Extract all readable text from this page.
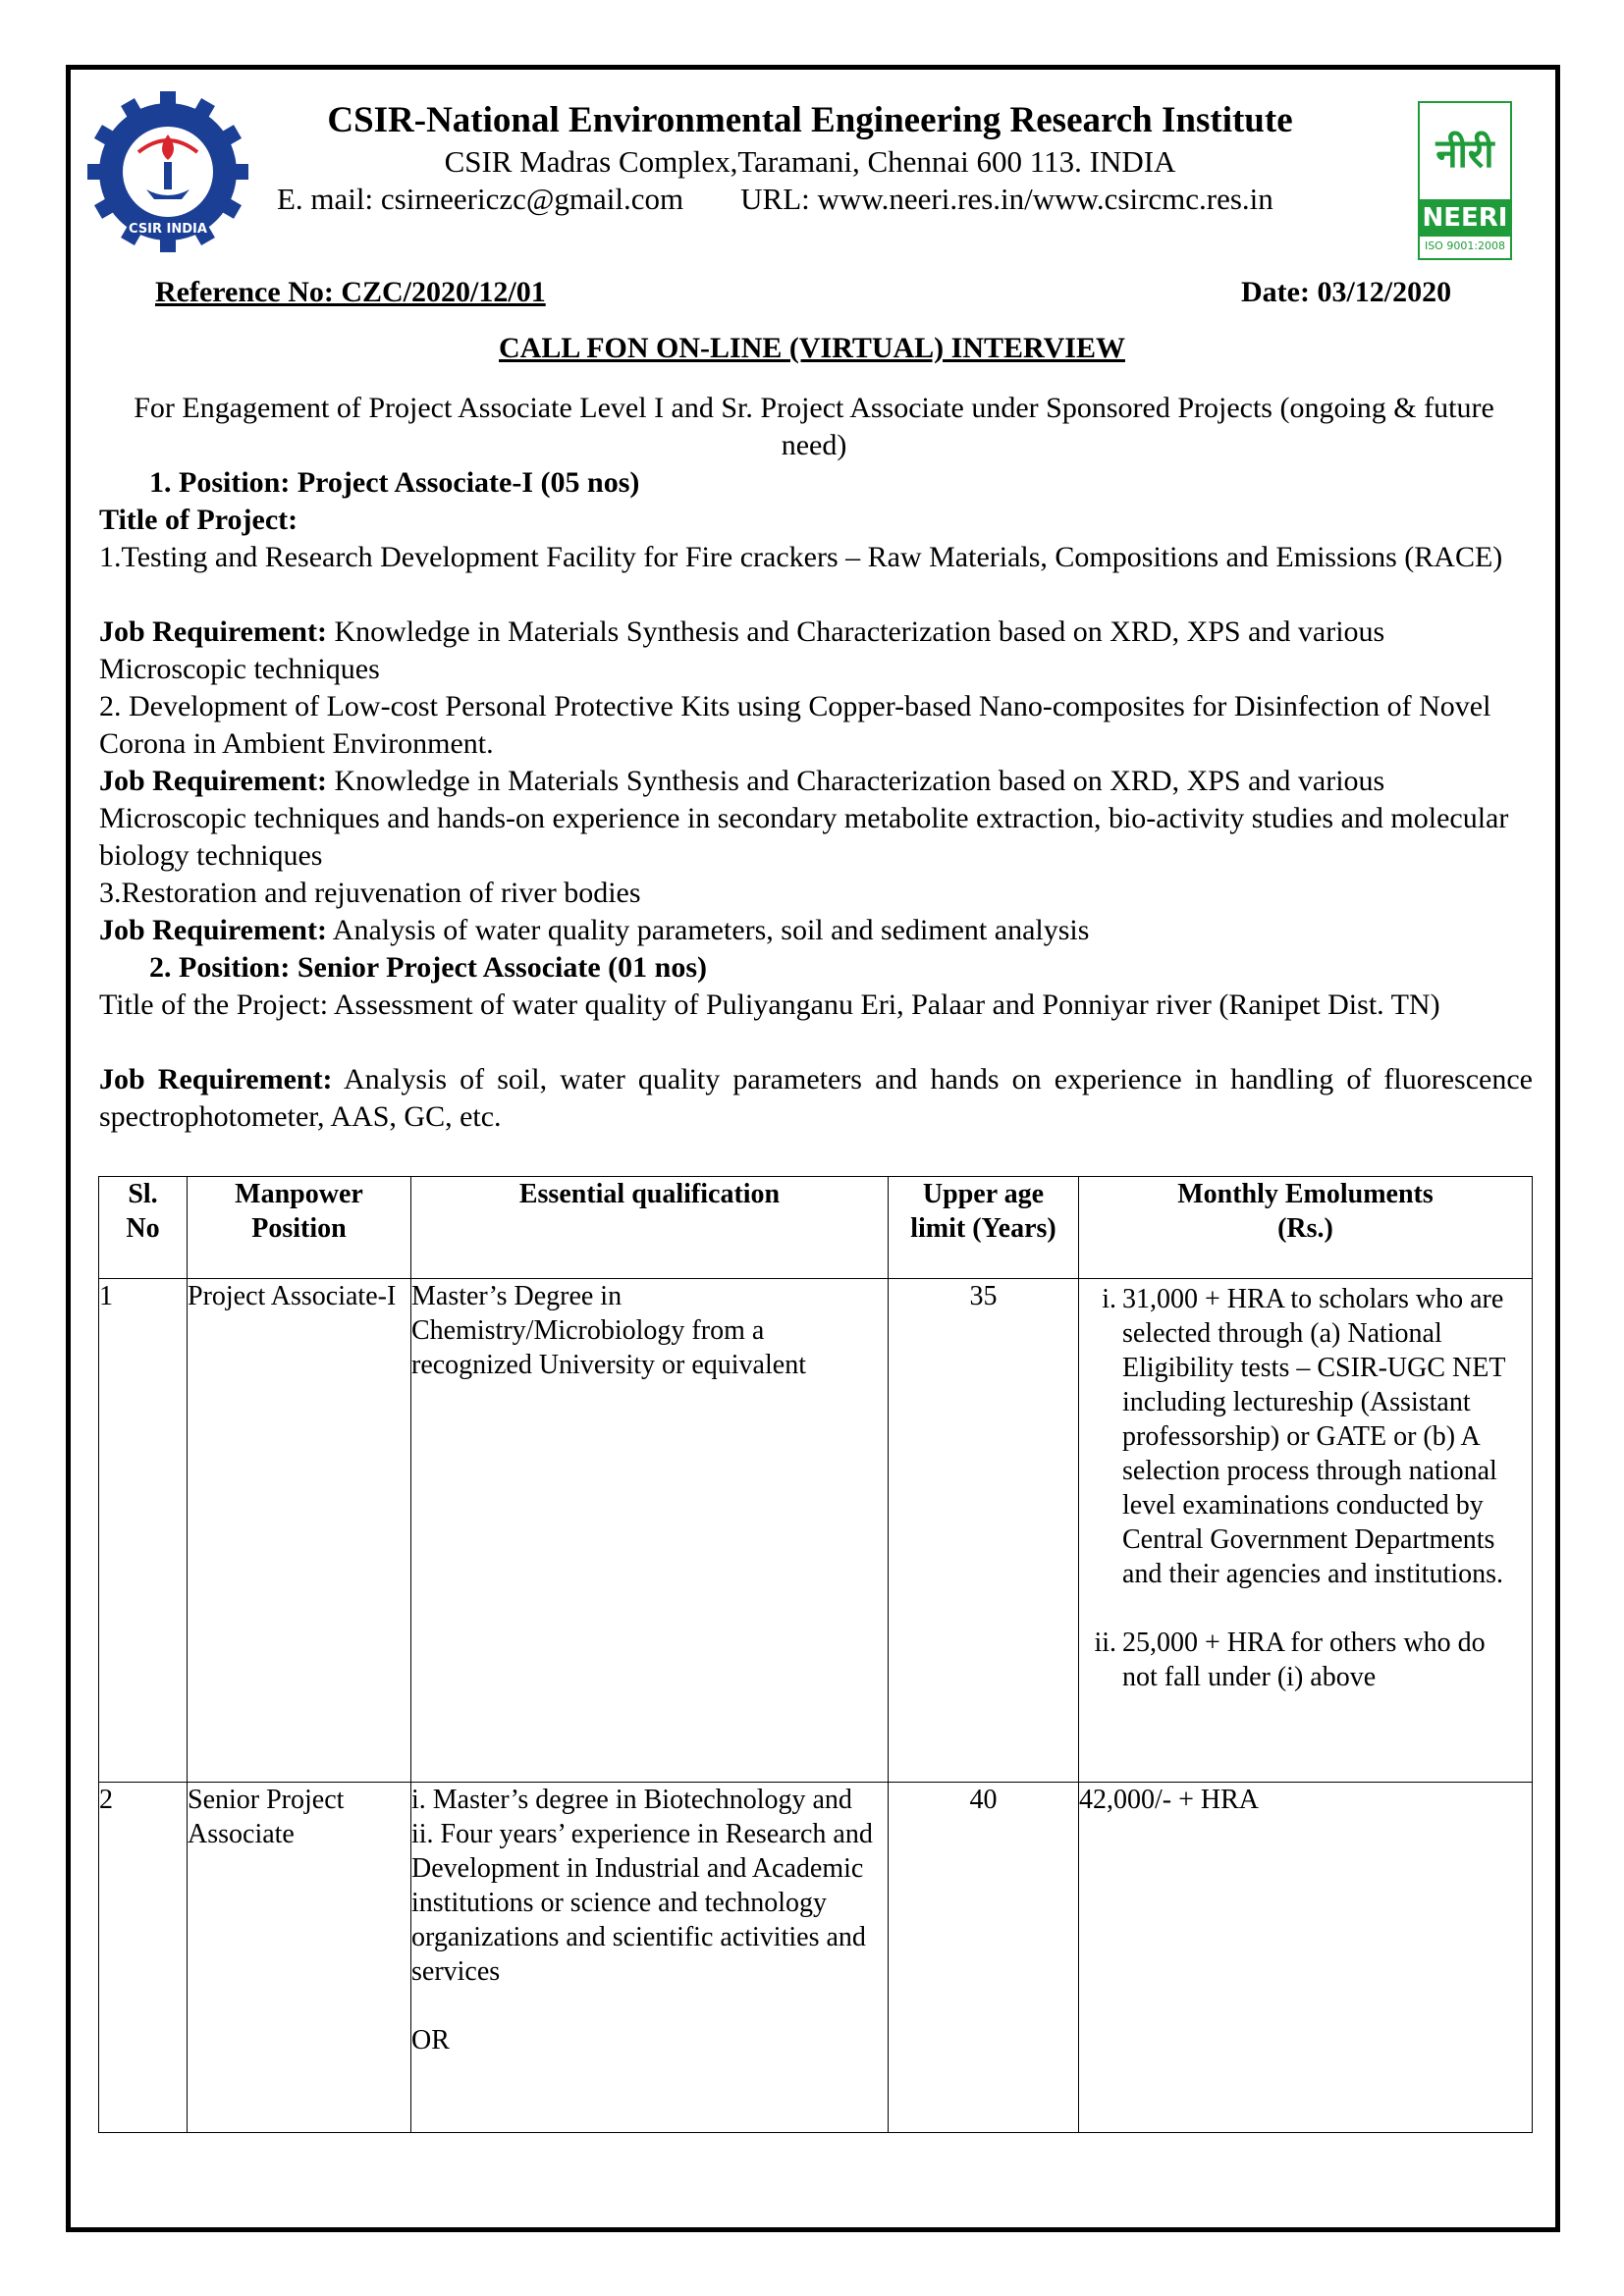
CSIR INDIA
नीरी
NEERI
ISO 9001:2008
CSIR-National Environmental Engineering Research Institute
CSIR Madras Complex,Taramani, Chennai 600 113. INDIA
E. mail: csirneericzc@gmail.com URL: www.neeri.res.in/www.csircmc.res.in
Reference No: CZC/2020/12/01	Date: 03/12/2020
CALL FON ON-LINE (VIRTUAL) INTERVIEW
For Engagement of Project Associate Level I and Sr. Project Associate under Sponsored Projects (ongoing & future need)
1. Position: Project Associate-I (05 nos)
Title of Project:
1.Testing and Research Development Facility for Fire crackers – Raw Materials, Compositions and Emissions (RACE)
Job Requirement: Knowledge in Materials Synthesis and Characterization based on XRD, XPS and various Microscopic techniques
2. Development of Low-cost Personal Protective Kits using Copper-based Nano-composites for Disinfection of Novel Corona in Ambient Environment.
Job Requirement: Knowledge in Materials Synthesis and Characterization based on XRD, XPS and various Microscopic techniques and hands-on experience in secondary metabolite extraction, bio-activity studies and molecular biology techniques
3.Restoration and rejuvenation of river bodies
Job Requirement: Analysis of water quality parameters, soil and sediment analysis
2. Position: Senior Project Associate (01 nos)
Title of the Project: Assessment of water quality of Puliyanganu Eri, Palaar and Ponniyar river (Ranipet Dist. TN)
Job Requirement: Analysis of soil, water quality parameters and hands on experience in handling of fluorescence spectrophotometer, AAS, GC, etc.
Sl. No	Manpower Position	Essential qualification	Upper age limit (Years)	Monthly Emoluments (Rs.)

1	Project Associate-I	Master’s Degree in Chemistry/Microbiology from a recognized University or equivalent	35	i. 31,000 + HRA to scholars who are selected through (a) National Eligibility tests – CSIR-UGC NET including lectureship (Assistant professorship) or GATE or (b) A selection process through national level examinations conducted by Central Government Departments and their agencies and institutions.
ii. 25,000 + HRA for others who do not fall under (i) above

2	Senior Project Associate	i. Master’s degree in Biotechnology and
ii. Four years’ experience in Research and Development in Industrial and Academic institutions or science and technology organizations and scientific activities and services
OR	40	42,000/- + HRA
